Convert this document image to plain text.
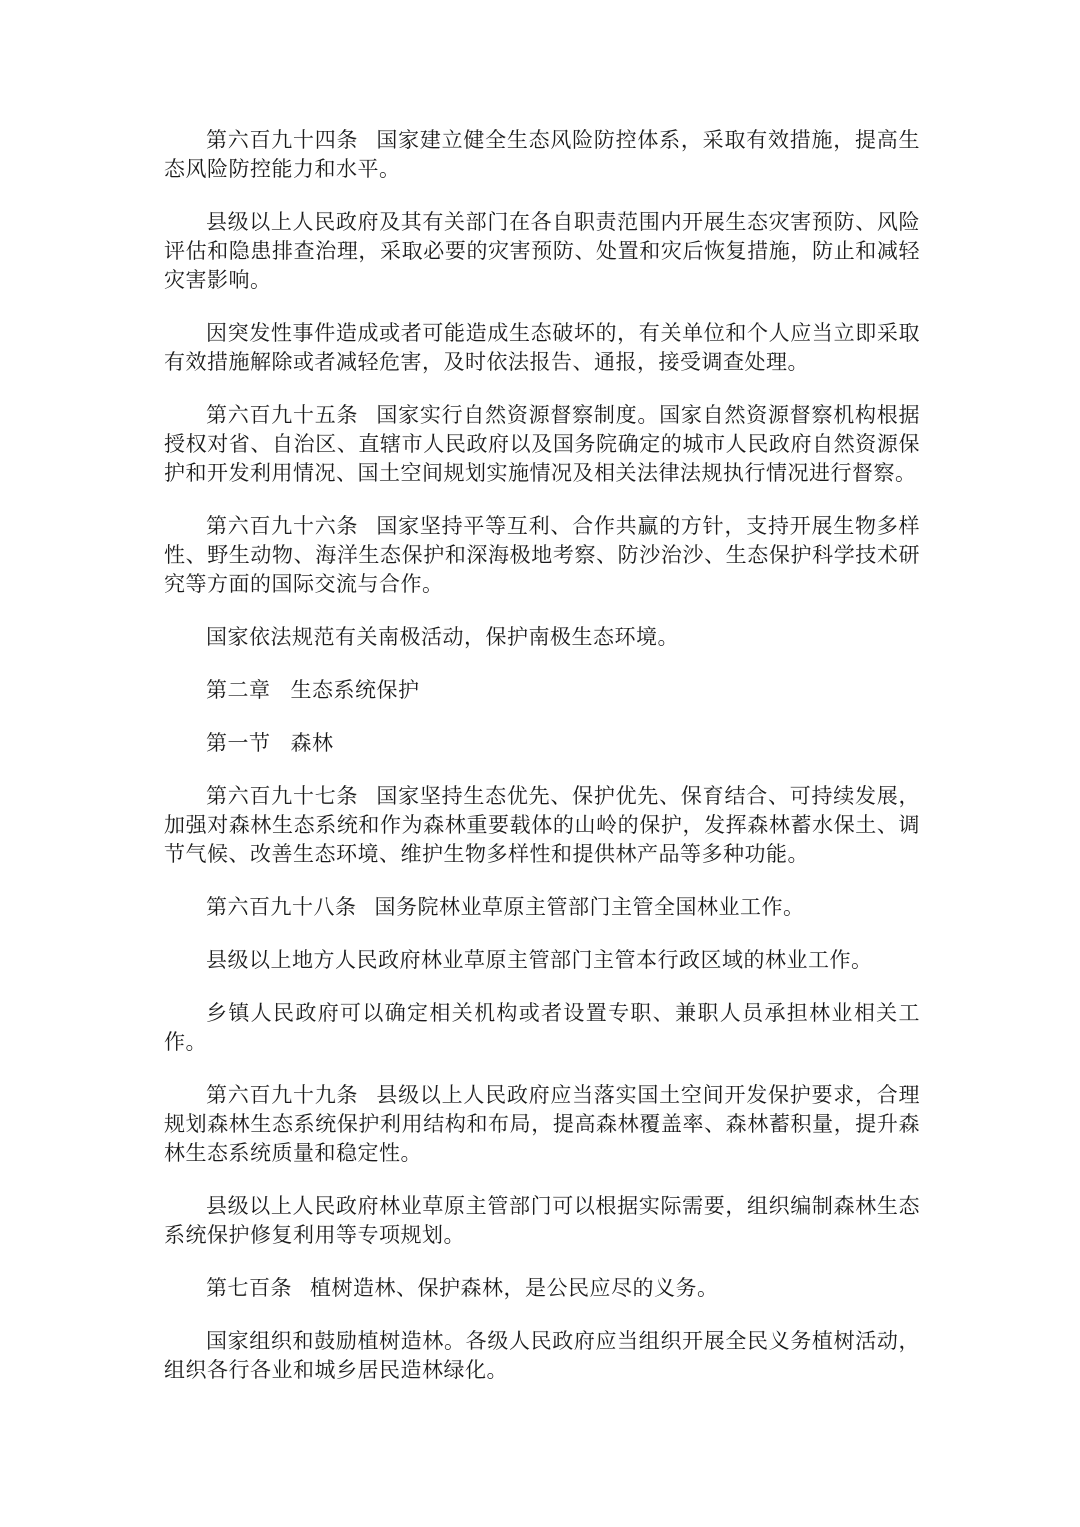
第六百九十四条 国家建立健全生态风险防控体系，采取有效措施，提高生态风险防控能力和水平。

县级以上人民政府及其有关部门在各自职责范围内开展生态灾害预防、风险评估和隐患排查治理，采取必要的灾害预防、处置和灾后恢复措施，防止和减轻灾害影响。

因突发性事件造成或者可能造成生态破坏的，有关单位和个人应当立即采取有效措施解除或者减轻危害，及时依法报告、通报，接受调查处理。

第六百九十五条 国家实行自然资源督察制度。国家自然资源督察机构根据授权对省、自治区、直辖市人民政府以及国务院确定的城市人民政府自然资源保护和开发利用情况、国土空间规划实施情况及相关法律法规执行情况进行督察。

第六百九十六条 国家坚持平等互利、合作共赢的方针，支持开展生物多样性、野生动物、海洋生态保护和深海极地考察、防沙治沙、生态保护科学技术研究等方面的国际交流与合作。

国家依法规范有关南极活动，保护南极生态环境。

第二章 生态系统保护

第一节 森林

第六百九十七条 国家坚持生态优先、保护优先、保育结合、可持续发展，加强对森林生态系统和作为森林重要载体的山岭的保护，发挥森林蓄水保土、调节气候、改善生态环境、维护生物多样性和提供林产品等多种功能。

第六百九十八条 国务院林业草原主管部门主管全国林业工作。

县级以上地方人民政府林业草原主管部门主管本行政区域的林业工作。

乡镇人民政府可以确定相关机构或者设置专职、兼职人员承担林业相关工作。

第六百九十九条 县级以上人民政府应当落实国土空间开发保护要求，合理规划森林生态系统保护利用结构和布局，提高森林覆盖率、森林蓄积量，提升森林生态系统质量和稳定性。

县级以上人民政府林业草原主管部门可以根据实际需要，组织编制森林生态系统保护修复利用等专项规划。

第七百条 植树造林、保护森林，是公民应尽的义务。

国家组织和鼓励植树造林。各级人民政府应当组织开展全民义务植树活动，组织各行各业和城乡居民造林绿化。
